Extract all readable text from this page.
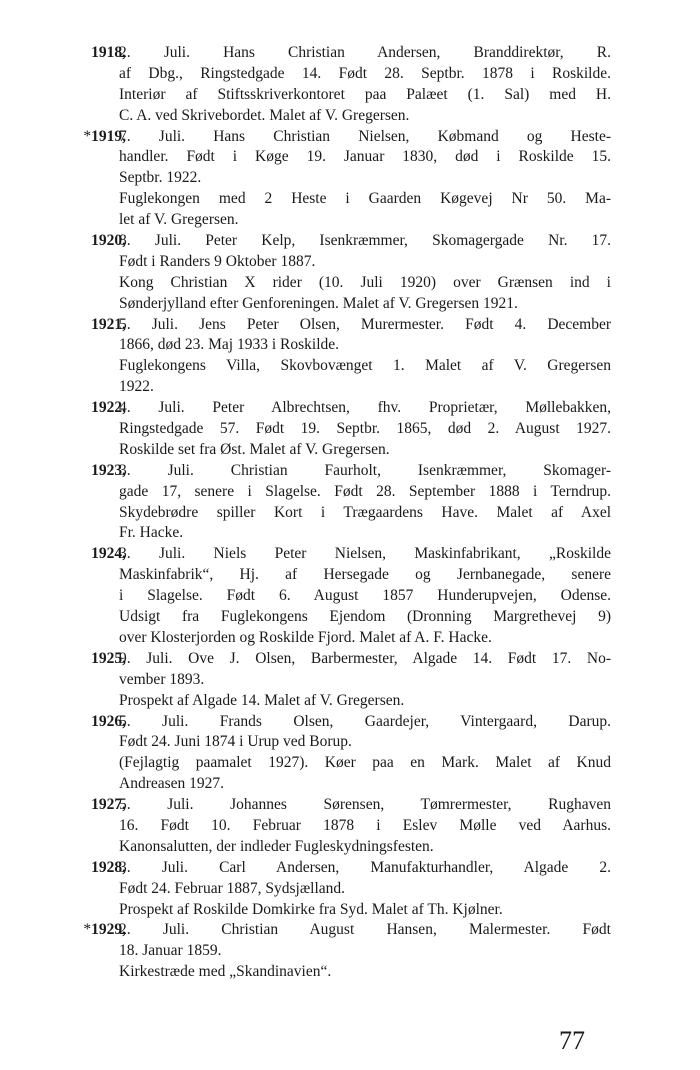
1918,
2. Juli. Hans Christian Andersen, Branddirektør, R.
af Dbg., Ringstedgade 14. Født 28. Septbr. 1878 i Roskilde.
Interiør af Stiftsskriverkontoret paa Palæet (1. Sal) med H.
C. A. ved Skrivebordet. Malet af V. Gregersen.
*1919,
7. Juli. Hans Christian Nielsen, Købmand og Heste-
handler. Født i Køge 19. Januar 1830, død i Roskilde 15.
Septbr. 1922.
Fuglekongen med 2 Heste i Gaarden Køgevej Nr 50. Ma-
let af V. Gregersen.
1920,
8. Juli. Peter Kelp, Isenkræmmer, Skomagergade Nr. 17.
Født i Randers 9 Oktober 1887.
Kong Christian X rider (10. Juli 1920) over Grænsen ind i
Sønderjylland efter Genforeningen. Malet af V. Gregersen 1921.
1921,
5. Juli. Jens Peter Olsen, Murermester. Født 4. December
1866, død 23. Maj 1933 i Roskilde.
Fuglekongens Villa, Skovbovænget 1. Malet af V. Gregersen
1922.
1922,
4. Juli. Peter Albrechtsen, fhv. Proprietær, Møllebakken,
Ringstedgade 57. Født 19. Septbr. 1865, død 2. August 1927.
Roskilde set fra Øst. Malet af V. Gregersen.
1923,
3. Juli. Christian Faurholt, Isenkræmmer, Skomager-
gade 17, senere i Slagelse. Født 28. September 1888 i Terndrup.
Skydebrødre spiller Kort i Trægaardens Have. Malet af Axel
Fr. Hacke.
1924,
3. Juli. Niels Peter Nielsen, Maskinfabrikant, „Roskilde
Maskinfabrik“, Hj. af Hersegade og Jernbanegade, senere
i Slagelse. Født 6. August 1857 Hunderupvejen, Odense.
Udsigt fra Fuglekongens Ejendom (Dronning Margrethevej 9)
over Klosterjorden og Roskilde Fjord. Malet af A. F. Hacke.
1925,
9. Juli. Ove J. Olsen, Barbermester, Algade 14. Født 17. No-
vember 1893.
Prospekt af Algade 14. Malet af V. Gregersen.
1926,
5. Juli. Frands Olsen, Gaardejer, Vintergaard, Darup.
Født 24. Juni 1874 i Urup ved Borup.
(Fejlagtig paamalet 1927). Køer paa en Mark. Malet af Knud
Andreasen 1927.
1927,
5. Juli. Johannes Sørensen, Tømrermester, Rughaven
16. Født 10. Februar 1878 i Eslev Mølle ved Aarhus.
Kanonsalutten, der indleder Fugleskydningsfesten.
1928,
3. Juli. Carl Andersen, Manufakturhandler, Algade 2.
Født 24. Februar 1887, Sydsjælland.
Prospekt af Roskilde Domkirke fra Syd. Malet af Th. Kjølner.
*1929,
2. Juli. Christian August Hansen, Malermester. Født
18. Januar 1859.
Kirkestræde med „Skandinavien“.
77
